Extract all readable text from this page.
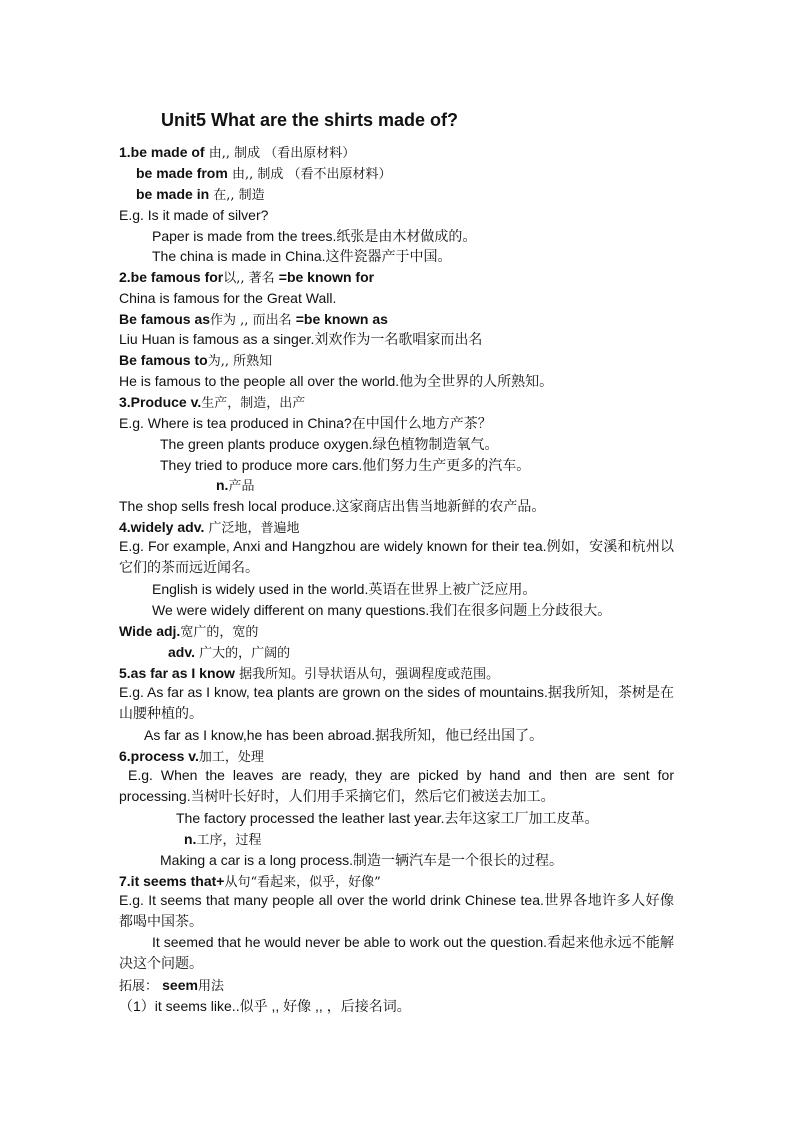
Unit5 What are the shirts made of?
1.be made of 由,, 制成 （看出原材料）
be made from 由,, 制成 （看不出原材料）
be made in 在,, 制造
E.g. Is it made of silver?
Paper is made from the trees.纸张是由木材做成的。
The china is made in China.这件瓷器产于中国。
2.be famous for以,, 著名 =be known for
China is famous for the Great Wall.
Be famous as作为 ,, 而出名 =be known as
Liu Huan is famous as a singer.刘欢作为一名歌唱家而出名
Be famous to为,, 所熟知
He is famous to the people all over the world.他为全世界的人所熟知。
3.Produce v.生产，制造，出产
E.g. Where is tea produced in China?在中国什么地方产茶？
The green plants produce oxygen.绿色植物制造氧气。
They tried to produce more cars.他们努力生产更多的汽车。
n.产品
The shop sells fresh local produce.这家商店出售当地新鲜的农产品。
4.widely adv. 广泛地，普遍地
E.g. For example, Anxi and Hangzhou are widely known for their tea.例如，安溪和杭州以它们的茶而远近闻名。
English is widely used in the world.英语在世界上被广泛应用。
We were widely different on many questions.我们在很多问题上分歧很大。
Wide adj.宽广的，宽的
adv. 广大的，广阔的
5.as far as I know 据我所知。引导状语从句，强调程度或范围。
E.g. As far as I know, tea plants are grown on the sides of mountains.据我所知，茶树是在山腰种植的。
As far as I know,he has been abroad.据我所知，他已经出国了。
6.process v.加工，处理
E.g. When the leaves are ready, they are picked by hand and then are sent for processing.当树叶长好时，人们用手采摘它们，然后它们被送去加工。
The factory processed the leather last year.去年这家工厂加工皮革。
n.工序，过程
Making a car is a long process.制造一辆汽车是一个很长的过程。
7.it seems that+从句“看起来，似乎，好像”
E.g. It seems that many people all over the world drink Chinese tea.世界各地许多人好像都喝中国茶。
It seemed that he would never be able to work out the question.看起来他永远不能解决这个问题。
拓展： seem用法
（1）it seems like..似乎 ,, 好像 ,, ，后接名词。
